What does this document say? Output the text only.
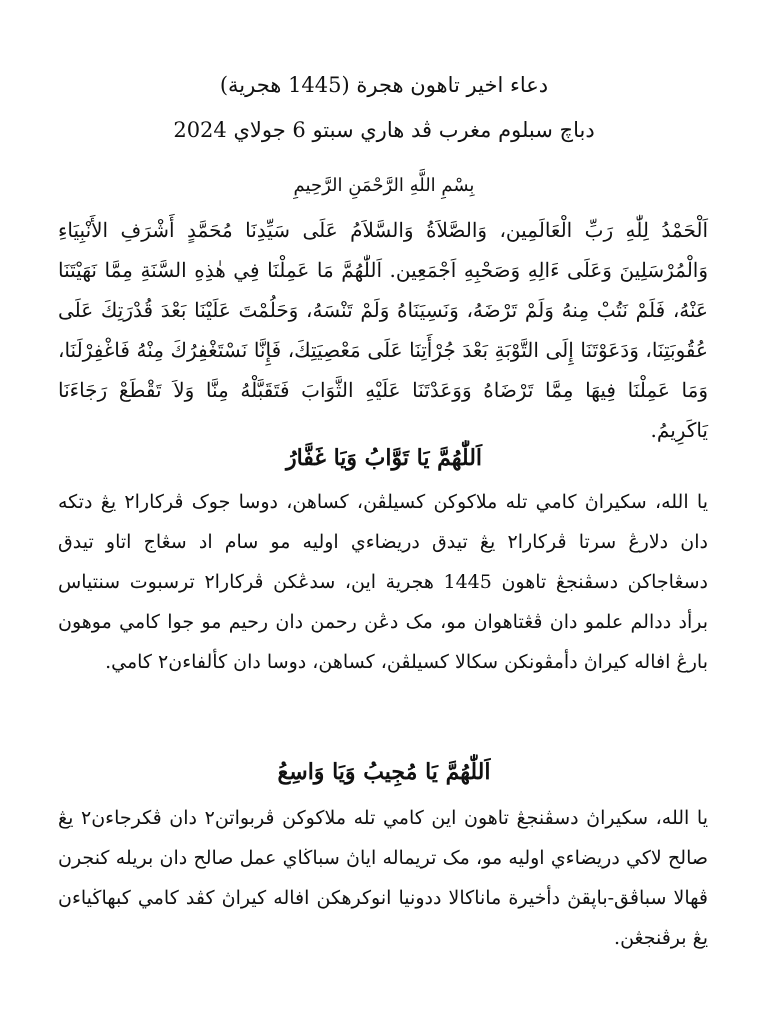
دعاء اخير تاهون هجرة (1445 هجرية)
دباچ سبلوم مغرب ڤد هاري سبتو 6 جولاي 2024
بِسْمِ اللَّهِ الرَّحْمَنِ الرَّحِيمِ
اَلْحَمْدُ لِلّٰهِ رَبِّ الْعَالَمِين، وَالصَّلاَةُ وَالسَّلاَمُ عَلَى سَيِّدِنَا مُحَمَّدٍ أَشْرَفِ الأَنْبِيَاءِ وَالْمُرْسَلِينَ وَعَلَى ءَالِهِ وَصَحْبِهِ اَجْمَعِين. اَللّٰهُمَّ مَا عَمِلْنَا فِي هٰذِهِ السَّنَةِ مِمَّا نَهَيْتَنَا عَنْهُ، فَلَمْ نَتُبْ مِنهُ وَلَمْ تَرْضَهُ، وَنَسِيَنَاهُ وَلَمْ تَنْسَهُ، وَحَلُمْتَ عَلَيْنَا بَعْدَ قُدْرَتِكَ عَلَى عُقُوبَتِنَا، وَدَعَوْتَنَا إِلَى التَّوْبَةِ بَعْدَ جُرْأَتِنَا عَلَى مَعْصِيَتِكَ، فَإِنَّا نَسْتَغْفِرُكَ مِنْهُ فَاغْفِرْلَنَا، وَمَا عَمِلْنَا فِيهَا مِمَّا تَرْضَاهُ وَوَعَدْتَنَا عَلَيْهِ الثَّوَابَ فَتَقَبَّلْهُ مِنَّا وَلاَ تَقْطَعْ رَجَاءَنَا يَاكَرِيمُ.
اَللّٰهُمَّ يَا تَوَّابُ وَيَا غَفَّارُ
يا الله، سكيراڽ كامي تله ملاكوكن كسيلڤن، كساهن، دوسا جوک ڤركارا٢ يڠ دتكه دان دلارڠ سرتا ڤركارا٢ يڠ تيدق دريضاءي اوليه مو سام اد سڠاج اتاو تيدق دسڠاجاكن دسڤنجڠ تاهون 1445 هجرية اين، سدڠكن ڤركارا٢ ترسبوت سنتياس برأد ددالم علمو دان ڤڠتاهوان مو، مک دڠن رحمن دان رحيم مو جوا كامي موهون بارڠ افاله كيراڽ دأمڤونكن سکالا كسيلڤن، كساهن، دوسا دان كألفاءن٢ كامي.
اَللّٰهُمَّ يَا مُجِيبُ وَيَا وَاسِعُ
يا الله، سكيراڽ دسڤنجڠ تاهون اين كامي تله ملاكوكن ڤربواتن٢ دان ڤكرجاءن٢ يڠ صالح لاكي دريضاءي اوليه مو، مک تريماله اياڽ سباڬاي عمل صالح دان بريله كنجرن ڤهالا سباڤق-باڽقڽ دأخيرة ماناكالا ددونيا انوكرهكن افاله كيراڽ كڤد كامي كبهاڬياءن يڠ برڤنجڠن.
